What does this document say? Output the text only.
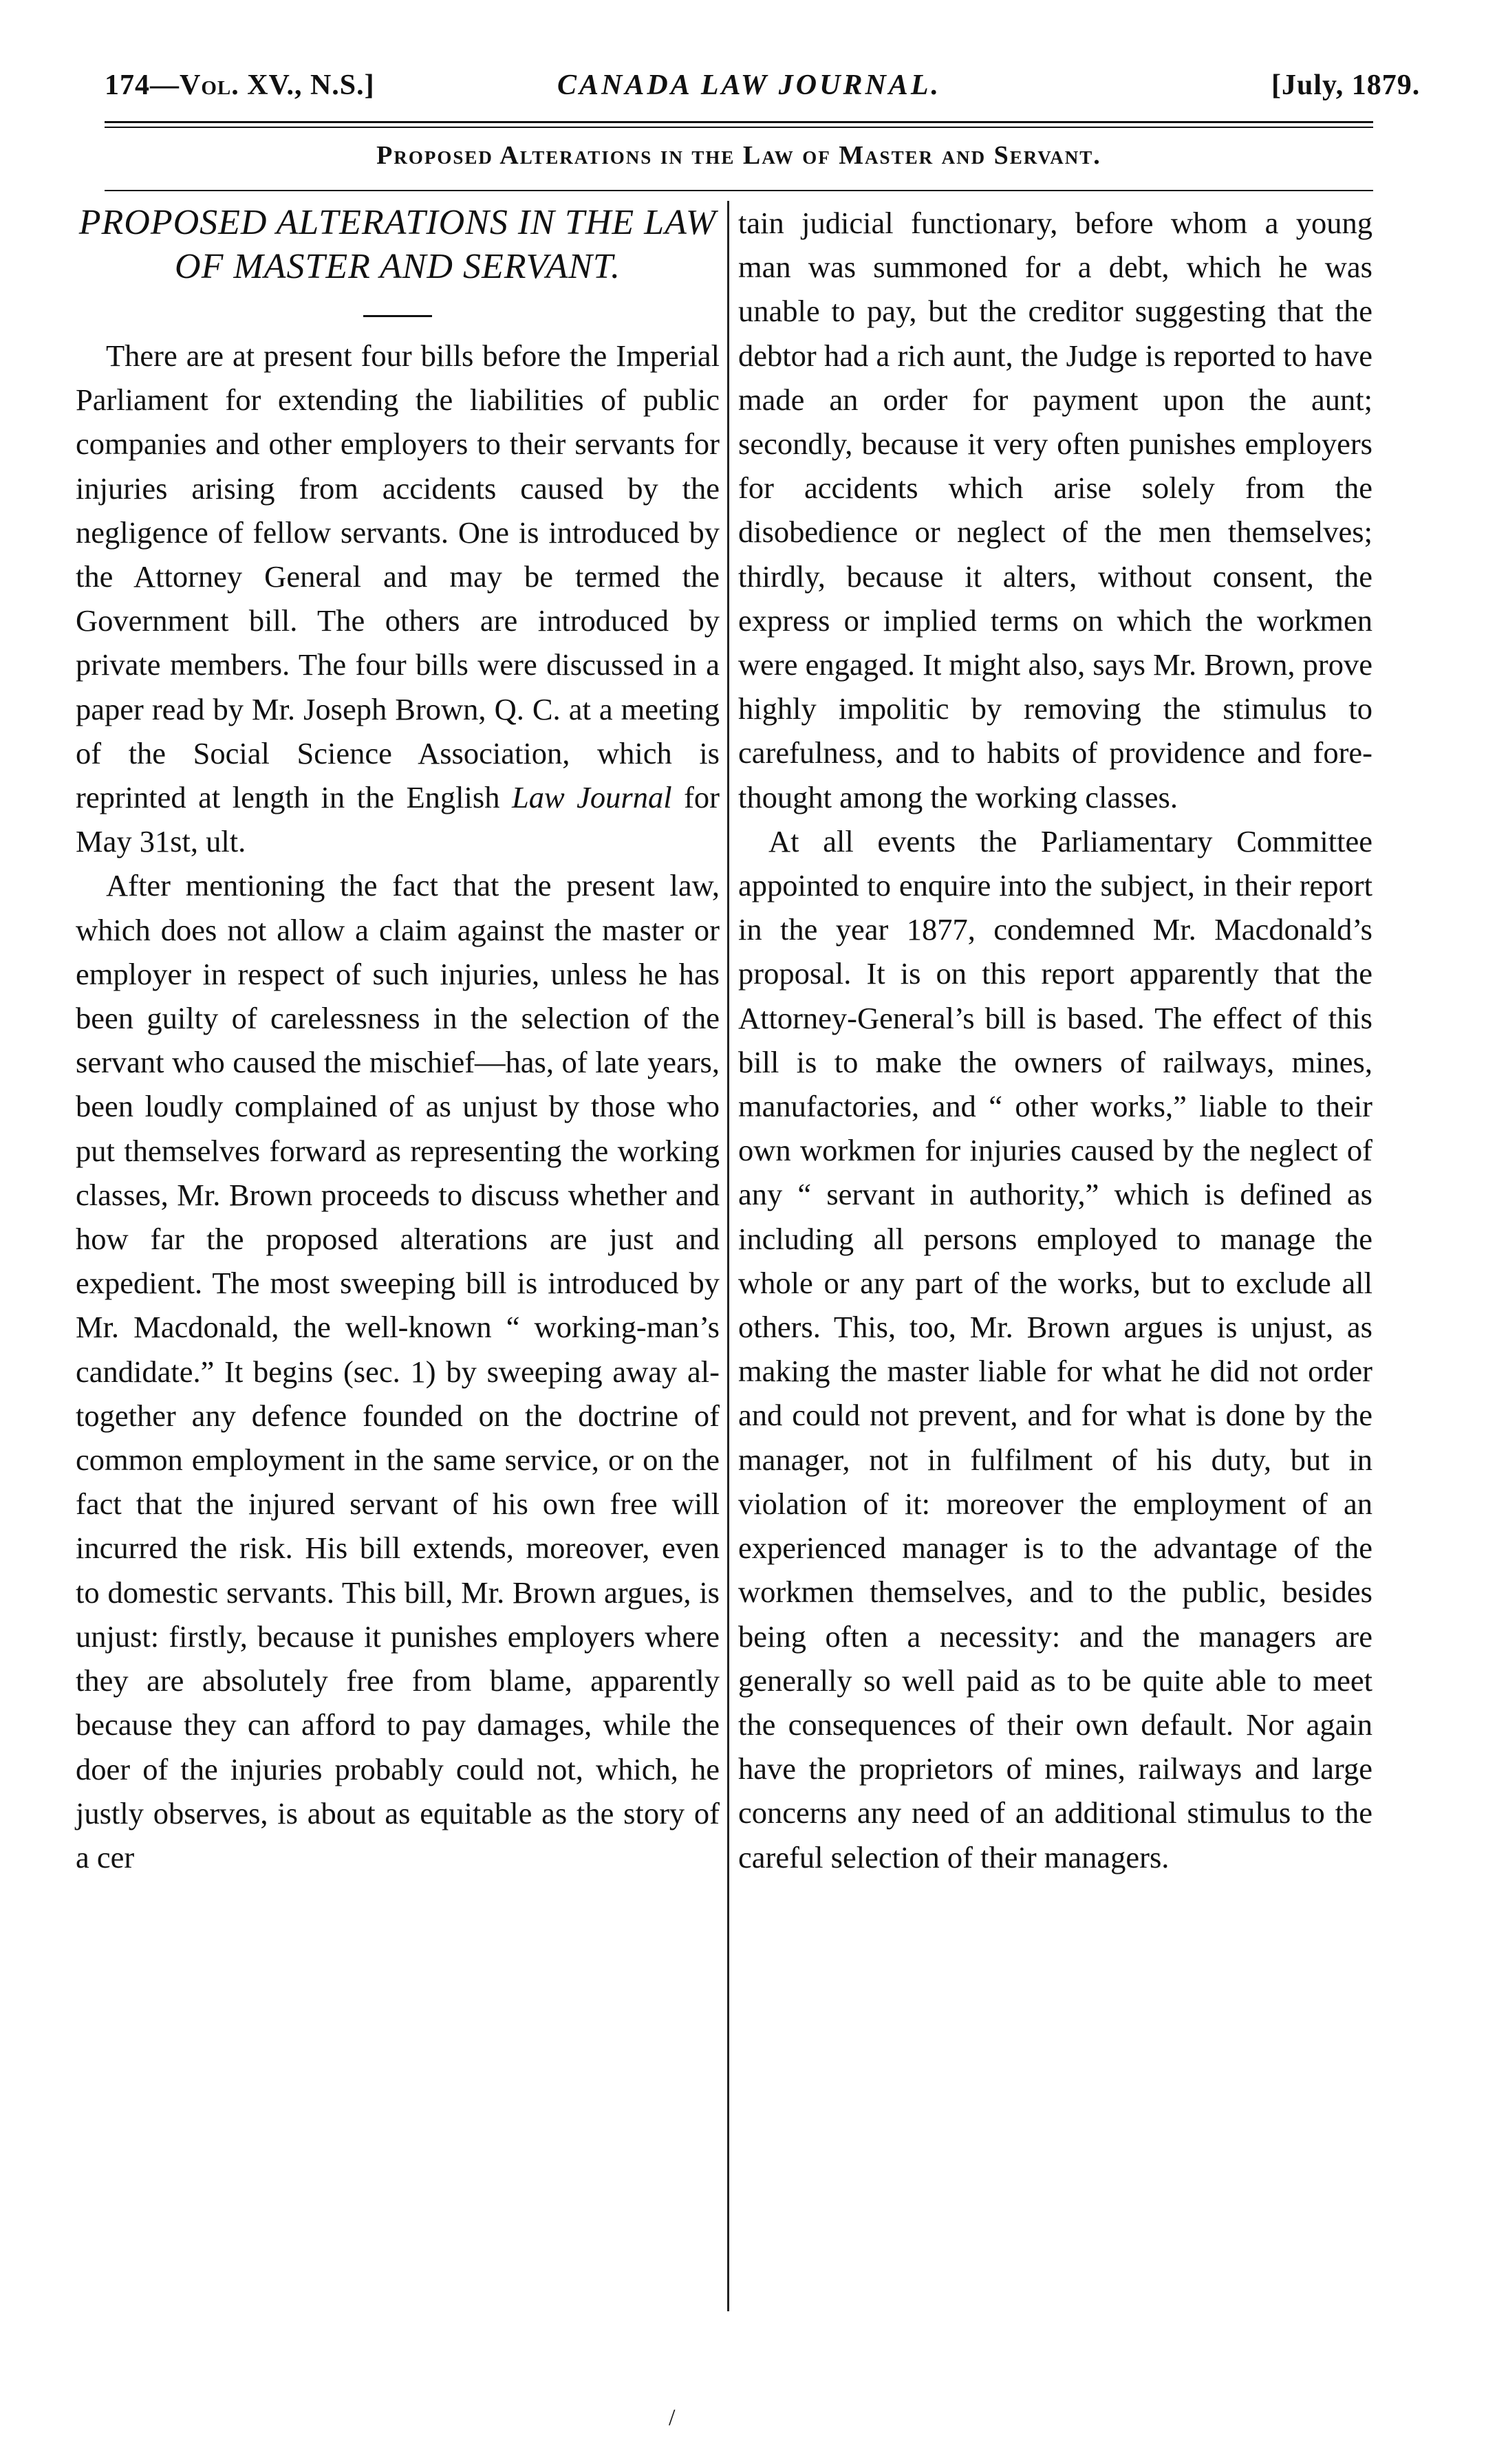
174—Vol. XV., N.S.]	CANADA LAW JOURNAL.	[July, 1879.
Proposed Alterations in the Law of Master and Servant.
PROPOSED ALTERATIONS IN THE LAW OF MASTER AND SERVANT.

There are at present four bills before the Imperial Parliament for extending the liabilities of public companies and other employers to their servants for injuries arising from accidents caused by the negligence of fellow servants. One is introduced by the Attorney General and may be termed the Government bill. The others are introduced by private members. The four bills were discussed in a paper read by Mr. Joseph Brown, Q. C. at a meeting of the Social Science Association, which is reprinted at length in the English Law Journal for May 31st, ult.

After mentioning the fact that the present law, which does not allow a claim against the master or employer in respect of such injuries, unless he has been guilty of carelessness in the selection of the servant who caused the mischief—has, of late years, been loudly complained of as unjust by those who put themselves forward as representing the working classes, Mr. Brown proceeds to discuss whether and how far the proposed alterations are just and expedient. The most sweeping bill is introduced by Mr. Macdonald, the well-known “ working-man’s candidate.” It begins (sec. 1) by sweeping away altogether any defence founded on the doctrine of common employment in the same service, or on the fact that the injured servant of his own free will incurred the risk. His bill extends, moreover, even to domestic servants. This bill, Mr. Brown argues, is unjust: firstly, because it punishes employers where they are absolutely free from blame, apparently because they can afford to pay damages, while the doer of the injuries probably could not, which, he justly observes, is about as equitable as the story of a cer

tain judicial functionary, before whom a young man was summoned for a debt, which he was unable to pay, but the creditor suggesting that the debtor had a rich aunt, the Judge is reported to have made an order for payment upon the aunt; secondly, because it very often punishes employers for accidents which arise solely from the disobedience or neglect of the men themselves; thirdly, because it alters, without consent, the express or implied terms on which the workmen were engaged. It might also, says Mr. Brown, prove highly impolitic by removing the stimulus to carefulness, and to habits of providence and forethought among the working classes.

At all events the Parliamentary Committee appointed to enquire into the subject, in their report in the year 1877, condemned Mr. Macdonald’s proposal. It is on this report apparently that the Attorney-General’s bill is based. The effect of this bill is to make the owners of railways, mines, manufactories, and “ other works,” liable to their own workmen for injuries caused by the neglect of any “ servant in authority,” which is defined as including all persons employed to manage the whole or any part of the works, but to exclude all others. This, too, Mr. Brown argues is unjust, as making the master liable for what he did not order and could not prevent, and for what is done by the manager, not in fulfilment of his duty, but in violation of it: moreover the employment of an experienced manager is to the advantage of the workmen themselves, and to the public, besides being often a necessity: and the managers are generally so well paid as to be quite able to meet the consequences of their own default. Nor again have the proprietors of mines, railways and large concerns any need of an additional stimulus to the careful selection of their managers.

/
